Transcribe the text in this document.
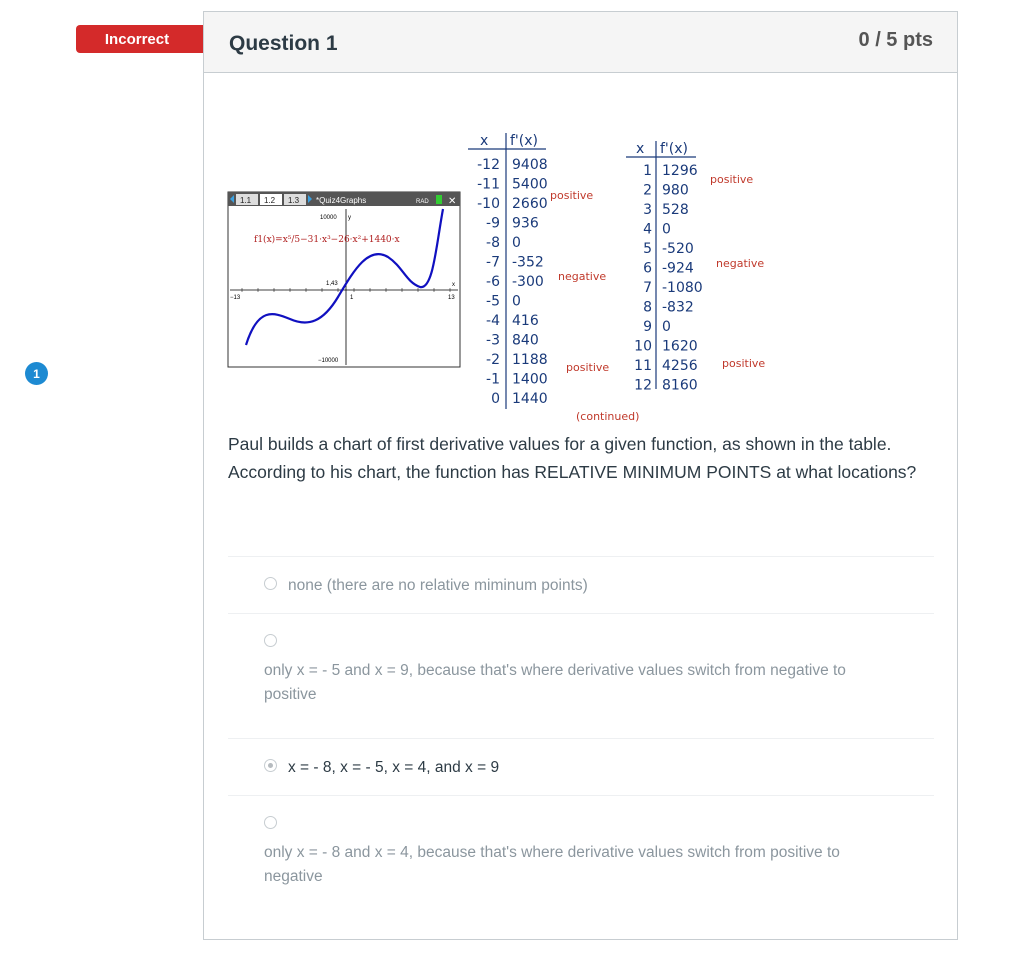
Incorrect
1
Question 1	0 / 5 pts
1.1 1.2 1.3 *Quiz4Graphs	RAD ✕
10000 y
−10000
−13	13
1
1,43	x
f1(x)=x⁵/5−31·x³−26·x²+1440·x
x f'(x)
-12 9408
-11 5400
-10 2660
-9 936
-8 0
-7 -352
-6 -300
-5 0
-4 416
-3 840
-2 1188
-1 1400
0 1440
positive
negative
positive
(continued)
x f'(x)
1 1296
2 980
3 528
4 0
5 -520
6 -924
7 -1080
8 -832
9 0
10 1620
11 4256
12 8160
positive
negative
positive
Paul builds a chart of first derivative values for a given function, as shown in the table. According to his chart, the function has RELATIVE MINIMUM POINTS at what locations?
none (there are no relative miminum points)
only x = - 5 and x = 9, because that's where derivative values switch from negative to positive
x = - 8, x = - 5, x = 4, and x = 9
only x = - 8 and x = 4, because that's where derivative values switch from positive to negative
